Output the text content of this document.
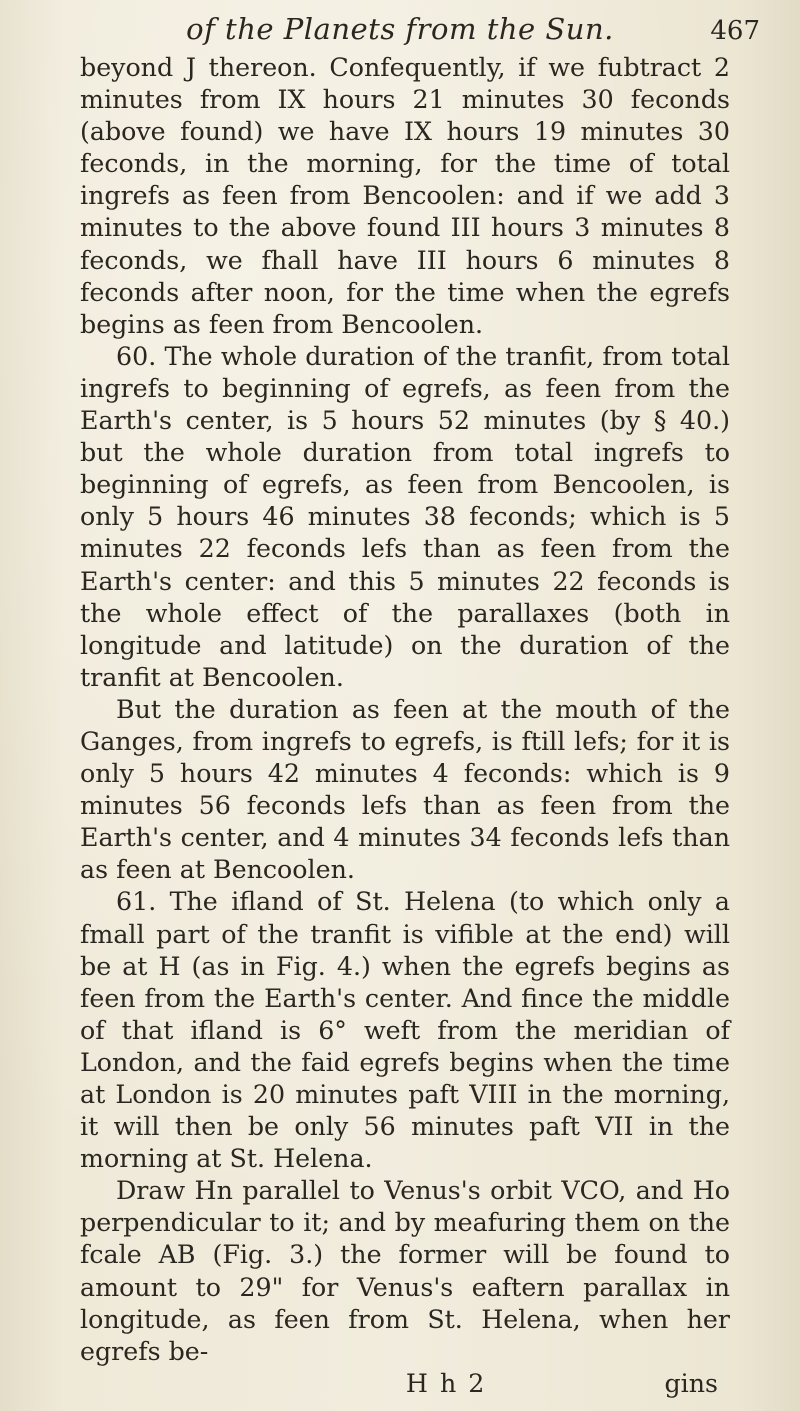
of the Planets from the Sun.	467

beyond J thereon. Confequently, if we fubtract 2 minutes from IX hours 21 minutes 30 feconds (above found) we have IX hours 19 minutes 30 feconds, in the morning, for the time of total ingrefs as feen from Bencoolen: and if we add 3 minutes to the above found III hours 3 minutes 8 feconds, we fhall have III hours 6 minutes 8 feconds after noon, for the time when the egrefs begins as feen from Bencoolen.

60. The whole duration of the tranfit, from total ingrefs to beginning of egrefs, as feen from the Earth's center, is 5 hours 52 minutes (by § 40.) but the whole duration from total ingrefs to beginning of egrefs, as feen from Bencoolen, is only 5 hours 46 minutes 38 feconds; which is 5 minutes 22 feconds lefs than as feen from the Earth's center: and this 5 minutes 22 feconds is the whole effect of the parallaxes (both in longitude and latitude) on the duration of the tranfit at Bencoolen.

But the duration as feen at the mouth of the Ganges, from ingrefs to egrefs, is ftill lefs; for it is only 5 hours 42 minutes 4 feconds: which is 9 minutes 56 feconds lefs than as feen from the Earth's center, and 4 minutes 34 feconds lefs than as feen at Bencoolen.

61. The ifland of St. Helena (to which only a fmall part of the tranfit is vifible at the end) will be at H (as in Fig. 4.) when the egrefs begins as feen from the Earth's center. And fince the middle of that ifland is 6° weft from the meridian of London, and the faid egrefs begins when the time at London is 20 minutes paft VIII in the morning, it will then be only 56 minutes paft VII in the morning at St. Helena.

Draw Hn parallel to Venus's orbit VCO, and Ho perpendicular to it; and by meafuring them on the fcale AB (Fig. 3.) the former will be found to amount to 29" for Venus's eaftern parallax in longitude, as feen from St. Helena, when her egrefs be-

H h 2	gins
